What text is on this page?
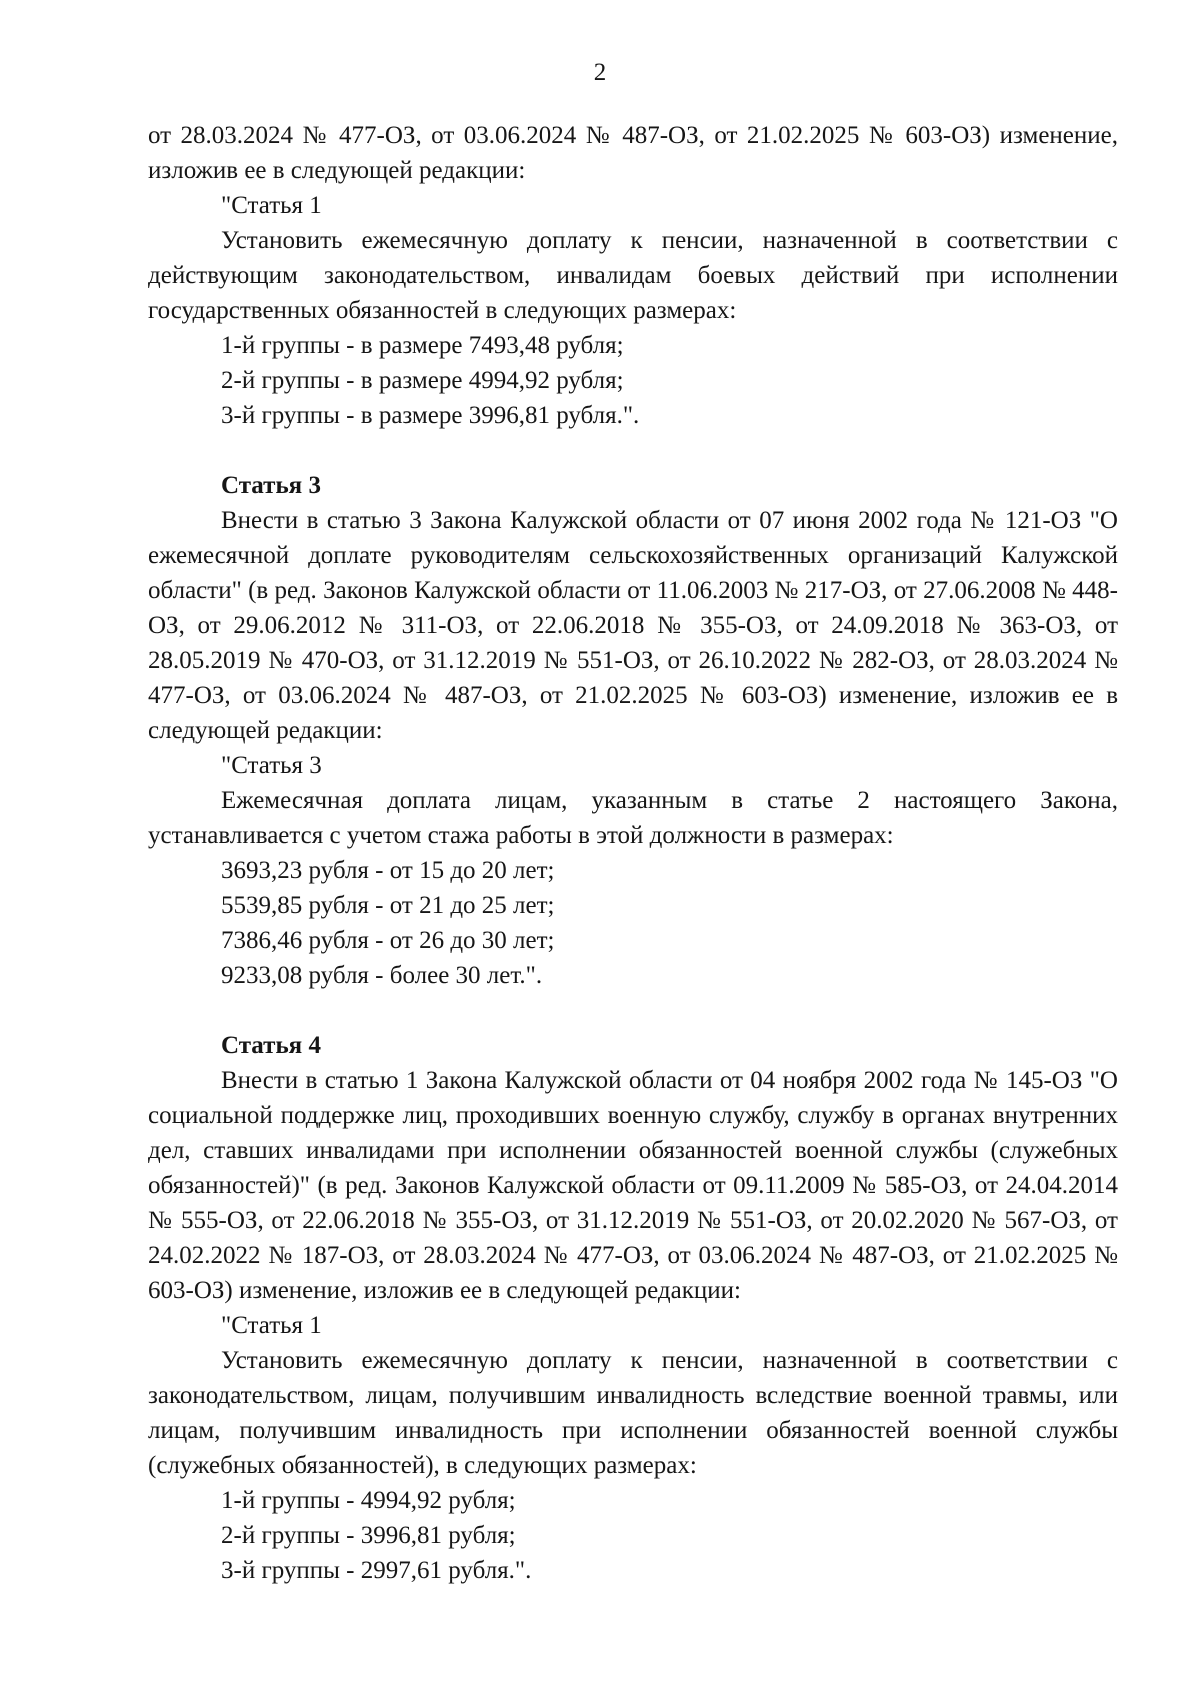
2

от 28.03.2024 № 477-ОЗ, от 03.06.2024 № 487-ОЗ, от 21.02.2025 № 603-ОЗ) изменение,

изложив ее в следующей редакции:

"Статья 1

Установить ежемесячную доплату к пенсии, назначенной в соответствии с действующим законодательством, инвалидам боевых действий при исполнении государственных обязанностей в следующих размерах:

1-й группы - в размере 7493,48 рубля;

2-й группы - в размере 4994,92 рубля;

3-й группы - в размере 3996,81 рубля.".

Статья 3

Внести в статью 3 Закона Калужской области от 07 июня 2002 года № 121-ОЗ "О ежемесячной доплате руководителям сельскохозяйственных организаций Калужской области" (в ред. Законов Калужской области от 11.06.2003 № 217-ОЗ, от 27.06.2008 № 448-ОЗ, от 29.06.2012 № 311-ОЗ, от 22.06.2018 № 355-ОЗ, от 24.09.2018 № 363-ОЗ, от 28.05.2019 № 470-ОЗ, от 31.12.2019 № 551-ОЗ, от 26.10.2022 № 282-ОЗ, от 28.03.2024 № 477-ОЗ, от 03.06.2024 № 487-ОЗ, от 21.02.2025 № 603-ОЗ) изменение, изложив ее в следующей редакции:

"Статья 3

Ежемесячная доплата лицам, указанным в статье 2 настоящего Закона, устанавливается с учетом стажа работы в этой должности в размерах:

3693,23 рубля - от 15 до 20 лет;

5539,85 рубля - от 21 до 25 лет;

7386,46 рубля - от 26 до 30 лет;

9233,08 рубля - более 30 лет.".

Статья 4

Внести в статью 1 Закона Калужской области от 04 ноября 2002 года № 145-ОЗ "О социальной поддержке лиц, проходивших военную службу, службу в органах внутренних дел, ставших инвалидами при исполнении обязанностей военной службы (служебных обязанностей)" (в ред. Законов Калужской области от 09.11.2009 № 585-ОЗ, от 24.04.2014 № 555-ОЗ, от 22.06.2018 № 355-ОЗ, от 31.12.2019 № 551-ОЗ, от 20.02.2020 № 567-ОЗ, от 24.02.2022 № 187-ОЗ, от 28.03.2024 № 477-ОЗ, от 03.06.2024 № 487-ОЗ, от 21.02.2025 № 603-ОЗ) изменение, изложив ее в следующей редакции:

"Статья 1

Установить ежемесячную доплату к пенсии, назначенной в соответствии с законодательством, лицам, получившим инвалидность вследствие военной травмы, или лицам, получившим инвалидность при исполнении обязанностей военной службы (служебных обязанностей), в следующих размерах:

1-й группы - 4994,92 рубля;

2-й группы - 3996,81 рубля;

3-й группы - 2997,61 рубля.".
